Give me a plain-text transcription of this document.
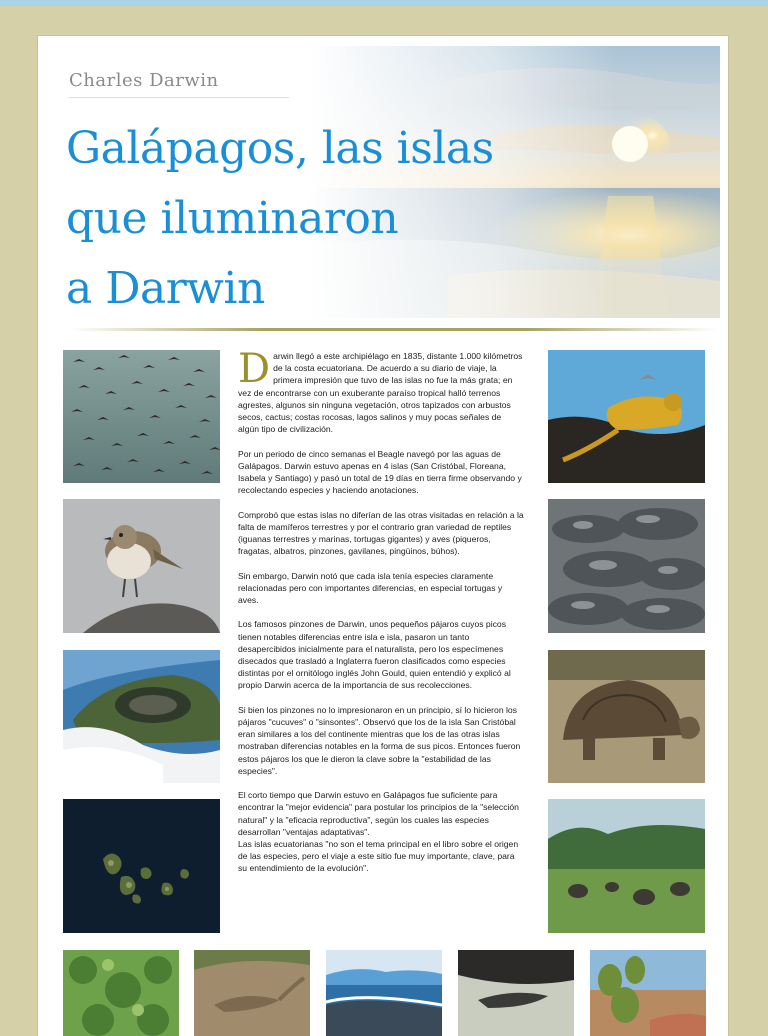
Charles Darwin
Galápagos, las islas
que iluminaron
a Darwin

Darwin llegó a este archipiélago en 1835, distante 1.000 kilómetros de la costa ecuatoriana. De acuerdo a su diario de viaje, la primera impresión que tuvo de las islas no fue la más grata; en vez de encontrarse con un exuberante paraíso tropical halló terrenos agrestes, algunos sin ninguna vegetación, otros tapizados con arbustos secos, cactus; costas rocosas, lagos salinos y muy pocas señales de algún tipo de civilización.

Por un periodo de cinco semanas el Beagle navegó por las aguas de Galápagos. Darwin estuvo apenas en 4 islas (San Cristóbal, Floreana, Isabela y Santiago) y pasó un total de 19 días en tierra firme observando y recolectando especies y haciendo anotaciones.

Comprobó que estas islas no diferían de las otras visitadas en relación a la falta de mamíferos terrestres y por el contrario gran variedad de reptiles (iguanas terrestres y marinas, tortugas gigantes) y aves (piqueros, fragatas, albatros, pinzones, gavilanes, pingüinos, búhos).

Sin embargo, Darwin notó que cada isla tenía especies claramente relacionadas pero con importantes diferencias, en especial tortugas y aves.

Los famosos pinzones de Darwin, unos pequeños pájaros cuyos picos tienen notables diferencias entre isla e isla, pasaron un tanto desapercibidos inicialmente para el naturalista, pero los especímenes disecados que trasladó a Inglaterra fueron clasificados como especies distintas por el ornitólogo inglés John Gould, quien entendió y explicó al propio Darwin acerca de la importancia de sus recolecciones.

Si bien los pinzones no lo impresionaron en un principio, sí lo hicieron los pájaros "cucuves" o "sinsontes". Observó que los de la isla San Cristóbal eran similares a los del continente mientras que los de las otras islas mostraban diferencias notables en la forma de sus picos. Entonces fueron estos pájaros los que le dieron la clave sobre la "estabilidad de las especies".

El corto tiempo que Darwin estuvo en Galápagos fue suficiente para encontrar la "mejor evidencia" para postular los principios de la "selección natural" y la "eficacia reproductiva", según los cuales las especies desarrollan "ventajas adaptativas".
Las islas ecuatorianas "no son el tema principal en el libro sobre el origen de las especies, pero el viaje a este sitio fue muy importante, clave, para su entendimiento de la evolución".
